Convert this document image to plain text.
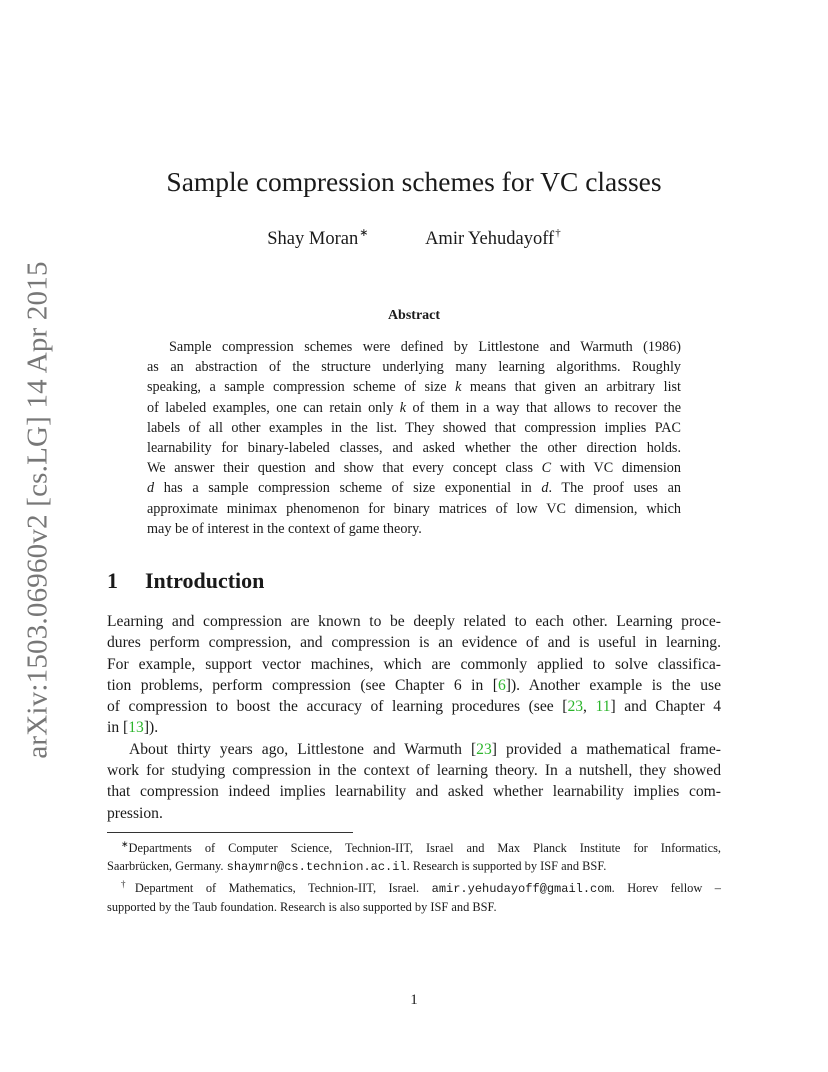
arXiv:1503.06960v2 [cs.LG] 14 Apr 2015
Sample compression schemes for VC classes
Shay Moran∗	Amir Yehudayoff†
Abstract
Sample compression schemes were defined by Littlestone and Warmuth (1986)
as an abstraction of the structure underlying many learning algorithms. Roughly
speaking, a sample compression scheme of size k means that given an arbitrary list
of labeled examples, one can retain only k of them in a way that allows to recover the
labels of all other examples in the list. They showed that compression implies PAC
learnability for binary-labeled classes, and asked whether the other direction holds.
We answer their question and show that every concept class C with VC dimension
d has a sample compression scheme of size exponential in d. The proof uses an
approximate minimax phenomenon for binary matrices of low VC dimension, which
may be of interest in the context of game theory.
1 Introduction
Learning and compression are known to be deeply related to each other. Learning proce-
dures perform compression, and compression is an evidence of and is useful in learning.
For example, support vector machines, which are commonly applied to solve classifica-
tion problems, perform compression (see Chapter 6 in [6]). Another example is the use
of compression to boost the accuracy of learning procedures (see [23, 11] and Chapter 4
in [13]).
About thirty years ago, Littlestone and Warmuth [23] provided a mathematical frame-
work for studying compression in the context of learning theory. In a nutshell, they showed
that compression indeed implies learnability and asked whether learnability implies com-
pression.
∗Departments of Computer Science, Technion-IIT, Israel and Max Planck Institute for Informatics,
Saarbrücken, Germany. shaymrn@cs.technion.ac.il. Research is supported by ISF and BSF.
†Department of Mathematics, Technion-IIT, Israel. amir.yehudayoff@gmail.com. Horev fellow –
supported by the Taub foundation. Research is also supported by ISF and BSF.
1
